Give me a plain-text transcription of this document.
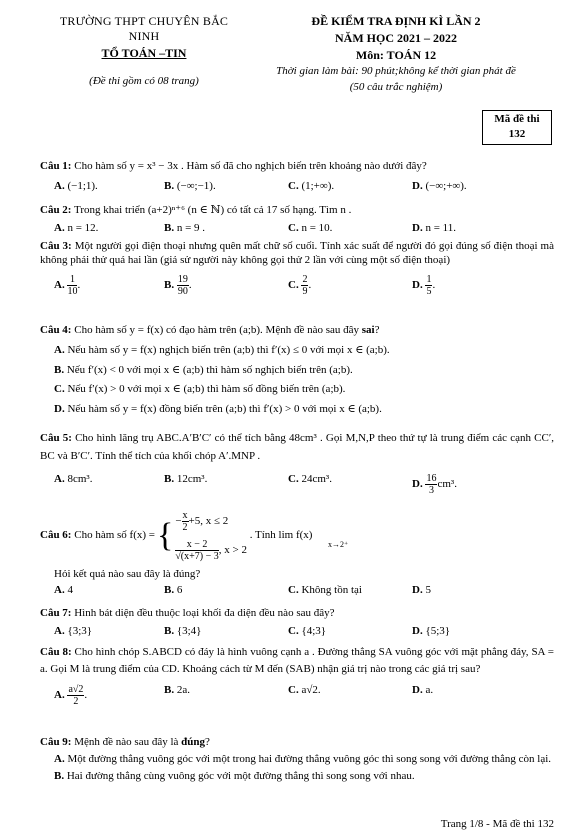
TRƯỜNG THPT CHUYÊN BẮC NINH
TỔ TOÁN –TIN
(Đề thi gồm có 08 trang)
ĐỀ KIỂM TRA ĐỊNH KÌ LẦN 2
NĂM HỌC 2021 – 2022
Môn: TOÁN 12
Thời gian làm bài: 90 phút;không kể thời gian phát đề
(50 câu trắc nghiệm)
Mã đề thi
132
Câu 1: Cho hàm số y = x³ − 3x . Hàm số đã cho nghịch biến trên khoảng nào dưới đây?
A. (−1;1).	B. (−∞;−1).	C. (1;+∞).	D. (−∞;+∞).
Câu 2: Trong khai triển (a+2)ⁿ⁺⁶ (n ∈ ℕ) có tất cả 17 số hạng. Tìm n .
A. n = 12.	B. n = 9 .	C. n = 10.	D. n = 11.
Câu 3: Một người gọi điện thoại nhưng quên mất chữ số cuối. Tính xác suất để người đó gọi đúng số điện thoại mà không phải thử quá hai lần (giả sử người này không gọi thử 2 lần với cùng một số điện thoại)
A. $\frac{1}{10}$ .	B. $\frac{19}{90}$ .	C. $\frac{2}{9}$ .	D. $\frac{1}{5}$ .
Câu 4: Cho hàm số y = f(x) có đạo hàm trên (a;b). Mệnh đề nào sau đây sai?
A. Nếu hàm số y = f(x) nghịch biến trên (a;b) thì f′(x) ≤ 0 với mọi x ∈ (a;b).
B. Nếu f′(x) < 0 với mọi x ∈ (a;b) thì hàm số nghịch biến trên (a;b).
C. Nếu f′(x) > 0 với mọi x ∈ (a;b) thì hàm số đồng biến trên (a;b).
D. Nếu hàm số y = f(x) đồng biến trên (a;b) thì f′(x) > 0 với mọi x ∈ (a;b).
Câu 5: Cho hình lăng trụ ABC.A′B′C′ có thể tích bằng 48cm³ . Gọi M,N,P theo thứ tự là trung điểm các cạnh CC′, BC và B′C′. Tính thể tích của khối chóp A′.MNP .
A. 8cm³.	B. 12cm³.	C. 24cm³.	D. $\frac{16}{3} cm^3$.
Câu 6:
Cho hàm số f(x) = { − $\frac{x}{2} +5$, x ≤ 2
$\frac{x - 2}{√(x+7) - 3}$ , x > 2

. Tính lim f(x)
x→2⁺
Hỏi kết quả nào sau đây là đúng?
A. 4	B. 6	C. Không tồn tại	D. 5
Câu 7: Hình bát diện đều thuộc loại khối đa diện đều nào sau đây?
A. {3;3}	B. {3;4}	C. {4;3}	D. {5;3}
Câu 8: Cho hình chóp S.ABCD có đáy là hình vuông cạnh a . Đường thẳng SA vuông góc với mặt phẳng đáy, SA = a. Gọi M là trung điểm của CD. Khoảng cách từ M đến (SAB) nhận giá trị nào trong các giá trị sau?
A. $\frac{a√2}{2}$ .	B. 2a.	C. a√2.	D. a.
Câu 9: Mệnh đề nào sau đây là đúng?
A. Một đường thẳng vuông góc với một trong hai đường thẳng vuông góc thì song song với đường thẳng còn lại.
B. Hai đường thẳng cùng vuông góc với một đường thẳng thì song song với nhau.
Trang 1/8 - Mã đề thi 132
